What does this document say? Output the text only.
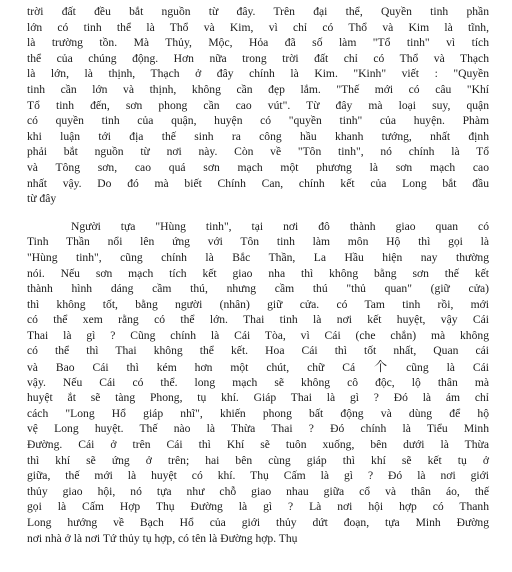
trời đất đều bắt nguồn từ đây. Trên đại thể, Quyền tinh phần
lớn có tinh thể là Thổ và Kim, vì chỉ có Thổ và Kim là tĩnh,
là trường tồn. Mà Thủy, Mộc, Hỏa đã số làm "Tổ tinh" vì tích
thể của chúng động. Hơn nữa trong trời đất chỉ có Thổ và Thạch
là lớn, là thịnh, Thạch ở đây chính là Kim. "Kinh" viết : "Quyền
tinh cần lớn và thịnh, không cần đẹp lắm. "Thế mới có câu "Khí
Tổ tinh đến, sơn phong cần cao vút". Từ đây mà loại suy, quận
có quyền tinh của quận, huyện có "quyền tinh" của huyện. Phàm
khi luận tới địa thế sinh ra công hầu khanh tướng, nhất định
phải bắt nguồn từ nơi này. Còn về "Tôn tinh", nó chính là Tổ
và Tông sơn, cao quá sơn mạch một phương là sơn mạch cao
nhất vậy. Do đó mà biết Chính Can, chính kết của Long bắt đầu
từ đây
Người tựa "Hùng tinh", tại nơi đô thành giao quan có
Tinh Thần nổi lên ứng với Tôn tinh làm môn Hộ thì gọi là
"Hùng tinh", cũng chính là Bắc Thần, La Hầu hiện nay thường
nói. Nếu sơn mạch tích kết giao nha thì không bằng sơn thế kết
thành hình dáng cầm thú, nhưng cầm thú "thủ quan" (giữ cửa)
thì không tốt, bằng người (nhân) giữ cửa. có Tam tinh rồi, mới
có thể xem rằng có thể lớn. Thai tinh là nơi kết huyệt, vậy Cái
Thai là gì ? Cũng chính là Cái Tòa, vì Cái (che chắn) mà không
có thể thì Thai không thể kết. Hoa Cái thì tốt nhất, Quan cái
và Bao Cái thì kém hơn một chút, chữ Cá 个 cũng là Cái
vậy. Nếu Cái có thể. long mạch sẽ không cô độc, lộ thân mà
huyệt ắt sẽ tàng Phong, tụ khí. Giáp Thai là gì ? Đó là ám chỉ
cách "Long Hổ giáp nhĩ", khiến phong bất động và dùng để hộ
vệ Long huyệt. Thế nào là Thừa Thai ? Đó chính là Tiểu Minh
Đường. Cái ở trên Cái thì Khí sẽ tuôn xuống, bên dưới là Thừa
thì khí sẽ ứng ở trên; hai bên cùng giáp thì khí sẽ kết tụ ở
giữa, thế mới là huyệt có khí. Thụ Cấm là gì ? Đó là nơi giới
thủy giao hội, nó tựa như chỗ giao nhau giữa cổ và thân áo, thế
gọi là Cấm Hợp Thụ Đường là gì ? Là nơi hội hợp có Thanh
Long hướng về Bạch Hổ của giới thủy dứt đoạn, tựa Minh Đường
nơi nhà ở là nơi Tứ thủy tụ hợp, có tên là Đường hợp. Thụ
